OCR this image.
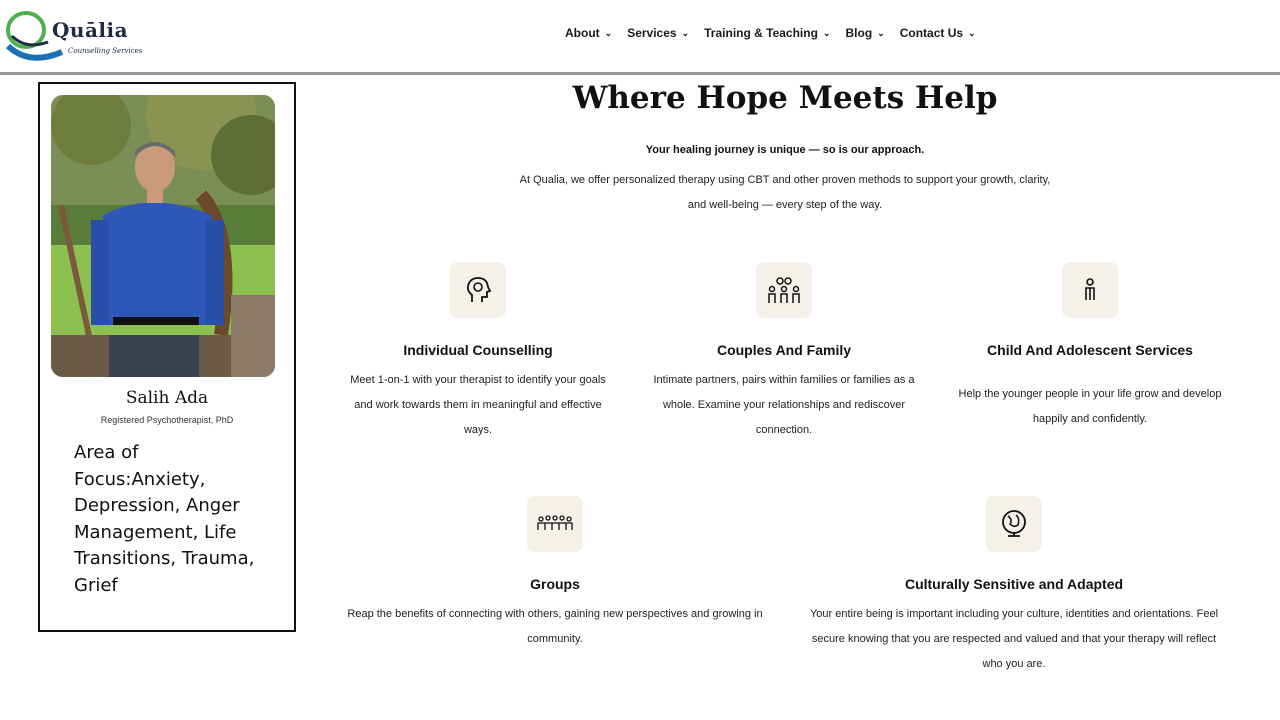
Quālia
Counselling Services
About ⌄ Services ⌄ Training & Teaching ⌄ Blog ⌄ Contact Us ⌄
Salih Ada
Registered Psychotherapist, PhD
Area of Focus:Anxiety, Depression, Anger Management, Life Transitions, Trauma, Grief
Where Hope Meets Help
Your healing journey is unique — so is our approach.
At Qualia, we offer personalized therapy using CBT and other proven methods to support your growth, clarity,
and well-being — every step of the way.
Individual Counselling
Meet 1-on-1 with your therapist to identify your goals and work towards them in meaningful and effective ways.
Couples And Family
Intimate partners, pairs within families or families as a whole. Examine your relationships and rediscover connection.
Child And Adolescent Services
Help the younger people in your life grow and develop happily and confidently.
Groups
Reap the benefits of connecting with others, gaining new perspectives and growing in community.
Culturally Sensitive and Adapted
Your entire being is important including your culture, identities and orientations. Feel secure knowing that you are respected and valued and that your therapy will reflect who you are.
